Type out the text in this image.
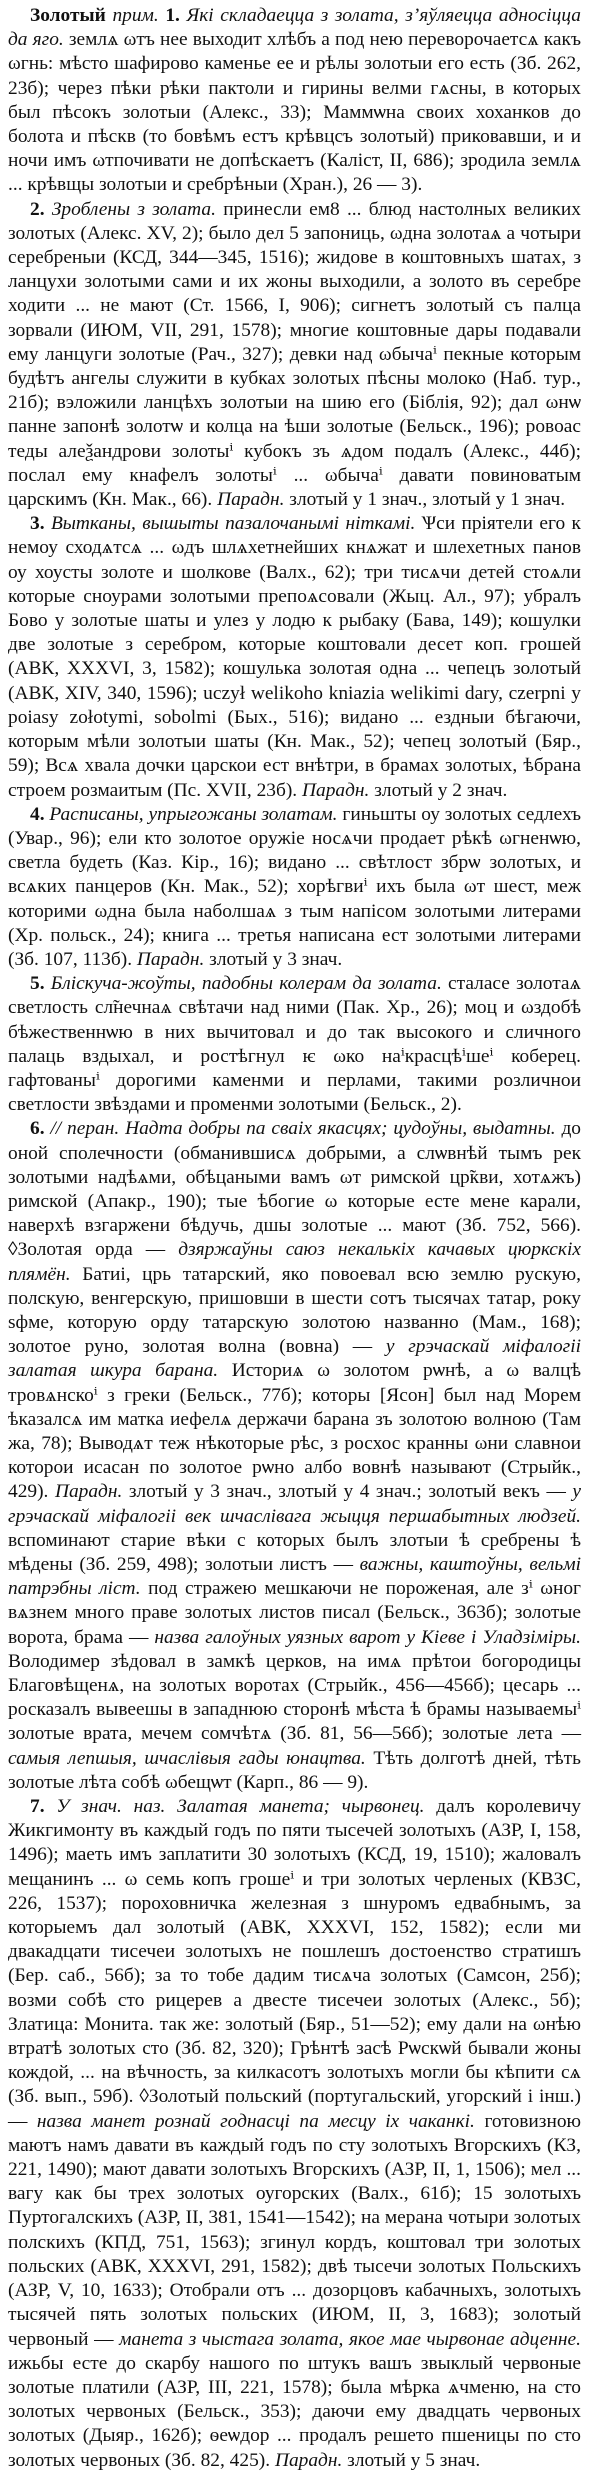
Золотый прим. 1. Які складаецца з золата, з’яўляецца адносіцца да яго. землѧ ωтъ нее выходит хлѣбъ а под нею переворочаетсѧ какъ ωгнь: мѣсто шафирово каменье ее и рѣлы золотыи его есть (Зб. 262, 23б); через пѣки рѣки пактоли и гирины велми гѧсны, в которых был пѣсокъ золотыи (Алекс., 33); Маммѡна своих хоханков до болота и пѣскв (то бовѣмъ естъ крѣвцсъ золотый) приковавши, и и ночи имъ ωтпочивати не допѣскаетъ (Каліст, II, 686); зродила землѧ ... крѣвщы золотыи и сребрѣныи (Хран.), 26 — 3).

2. Зроблены з золата. принесли ем8 ... блюд настолных великих золотых (Алекс. XV, 2); было дел 5 запониць, ωдна золотаѧ а чотыри серебреныи (КСД, 344—345, 1516); жидове в коштовныхъ шатах, з ланцухи золотыми сами и их жоны выходили, а золото въ серебре ходити ... не мают (Ст. 1566, I, 906); сигнетъ золотый съ палца зорвали (ИЮМ, VII, 291, 1578); многие коштовные дары подавали ему ланцуги золотые (Рач., 327); девки над ωбычаⁱ пекные которым будѣтъ ангелы служити в кубках золотых пѣсны молоко (Наб. тур., 21б); вэложили ланцѣхъ золотыи на шию его (Біблія, 92); дал ωнѡ панне запонѣ золотѡ и колца на ѣши золотые (Бельск., 196); ровоаc теды алеѯандрови золотыⁱ кубокъ зъ ѧдом подалъ (Алекс., 44б); послал ему кнафелъ золотыⁱ ... ωбычаⁱ давати повиноватым царскимъ (Кн. Мак., 66). Парадн. злотый у 1 знач., злотый у 1 знач.

3. Вытканы, вышыты пазалочанымі ніткамі. Ѱси прiятели его к немоу сходѧтсѧ ... ωдъ шлѧхетнейших кнѧжат и шлехетных панов оу хоусты золоте и шолкове (Валх., 62); три тисѧчи детей стоѧли которые сноурами золотыми препоѧсовали (Жыц. Ал., 97); убралъ Бово у золотые шаты и улез у лодю к рыбаку (Бава, 149); кошулки две золотые з серебром, которые коштовали десет коп. грошей (АВК, XXXVI, 3, 1582); кошулька золотая одна ... чепецъ золотый (АВК, XIV, 340, 1596); uczył welikoho kniazia welikimi dary, czerpni y poiasy zołotymi, sobolmi (Бых., 516); видано ... ездныи бѣгаючи, которым мѣли золотыи шаты (Кн. Мак., 52); чепец золотый (Бяр., 59); Всѧ хвала дочки царскои ест внѣтри, в брамах золотых, ѣбрана строем розмаитым (Пс. XVII, 23б). Парадн. злотый у 2 знач.

4. Расписаны, упрыгожаны золатам. гиньшты оу золотых седлехъ (Увар., 96); ели кто золотое оружіе носѧчи продает рѣкѣ ωгненѡю, светла будеть (Каз. Кір., 16); видано ... свѣтлост збрѡ золотых, и всѧких панцеров (Кн. Мак., 52); хорѣгвиⁱ ихъ была ωт шест, меж которими ωдна была наболшаѧ з тым напісом золотыми литерами (Хр. польск., 24); книга ... третья написана ест золотыми литерами (Зб. 107, 113б). Парадн. злотый у 3 знач.

5. Бліскуча-жоўты, падобны колерам да золата. сталасе золотаѧ светлость сл̃нечнаѧ свѣтачи над ними (Пак. Хр., 26); моц и ωздобѣ бѣжественнѡю в них вычитовал и до так высокого и сличного палаць вздыхал, и ростѣгнул ѥ ωко наⁱкрасцѣⁱшеⁱ коберец. гафтованыⁱ дорогими каменми и перлами, такими розличнои светлости звѣздами и променми золотыми (Бельск., 2).

6. // перан. Надта добры па сваіх якасцях; цудоўны, выдатны. до оной сполечности (обманившисѧ добрыми, а слѡвнѣй тымъ рек золотыми надѣѧми, обѣцаными вамъ ωт римской цр̃кви, хотѧжъ) римской (Апакр., 190); тые ѣбогие ω которые есте мене карали, наверхѣ взгаржени бѣдучь, дшы золотые ... мают (Зб. 752, 566). ◊Золотая орда — дзяржаўны саюз некалькіх качавых цюркскіх плямён. Батиі, црь татарский, яко повоевал всю землю рускую, полскую, венгерскую, пришовши в шести сотъ тысячах татар, року sфме, которую орду татарскую золотою названно (Мам., 168); золотое руно, золотая волна (вовна) — у грэчаскай міфалогіі залатая шкура барана. Историѧ ω золотом рѡнѣ, а ω валцѣ тровѧнскоⁱ з греки (Бельск., 77б); которы [Ясон] был над Морем ѣказалсѧ им матка иефелѧ держачи барана зъ золотою волною (Там жа, 78); Выводѧт теж нѣкоторые рѣс, з росхос кранны ωни славнои которои исасан по золотое рѡно албо вовнѣ называют (Стрыйк., 429). Парадн. злотый у 3 знач., злотый у 4 знач.; золотый векъ — у грэчаскай міфалогіі век шчаслівага жыцця першабытных людзей. вспоминают старие вѣки с которых былъ злотыи ѣ сребрены ѣ мѣдены (Зб. 259, 498); золотыи листъ — важны, каштоўны, вельмі патрэбны ліст. под стражею мешкаючи не пороженая, але зⁱ ωног вѧзнем много праве золотых листов писал (Бельск., 363б); золотые ворота, брама — назва галоўных уязных варот у Кіеве і Уладзіміры. Володимер зѣдовал в замкѣ церков, на имѧ прѣтои богородицы Благовѣщенѧ, на золотых воротах (Стрыйк., 456—456б); цесарь ... росказалъ вывеешы в западнюю сторонѣ мѣста ѣ брамы называемыⁱ золотые врата, мечем сомчѣтѧ (Зб. 81, 56—56б); золотые лета — самыя лепшыя, шчаслівыя гады юнацтва. Тѣть долготѣ дней, тѣть золотые лѣта собѣ ωбещѡт (Карп., 86 — 9).

7. У знач. наз. Залатая манета; чырвонец. далъ королевичу Жикгимонту въ каждый годъ по пяти тысечей золотыхъ (АЗР, I, 158, 1496); маеть имъ заплатити 30 золотыхъ (КСД, 19, 1510); жаловалъ мещанинъ ... ω семь копъ грошеⁱ и три золотых черленых (КВЗС, 226, 1537); пороховничка железная з шнуромъ едвабнымъ, за которыемъ дал золотый (АВК, XXXVI, 152, 1582); если ми двакадцати тисечеи золотыхъ не пошлешъ достоенство стратишъ (Бер. саб., 56б); за то тобе дадим тисѧча золотых (Самсон, 25б); возми собѣ сто рицерев а двесте тисечеи золотых (Алекс., 5б); Златица: Монита. так же: золотый (Бяр., 51—52); ему дали на ωнѣю втратѣ золотых сто (Зб. 82, 320); Грѣнтѣ засѣ Рѡскѡй бывали жоны кождой, ... на вѣчность, за килкасотъ золотыхъ могли бы кѣпити сѧ (Зб. вып., 59б). ◊Золотый польский (португальский, угорский і інш.) — назва манет рознай годнасці па месцу іх чаканкі. готовизною маютъ намъ давати въ каждый годъ по сту золотыхъ Вгорскихъ (КЗ, 221, 1490); мают давати золотыхъ Вгорскихъ (АЗР, II, 1, 1506); мел ... вагу как бы трех золотых оугорских (Валх., 61б); 15 золотыхъ Пуртогалскихъ (АЗР, II, 381, 1541—1542); на мерана чотыри золотых полскихъ (КПД, 751, 1563); згинул кордъ, коштовал три золотых польских (АВК, XXXVI, 291, 1582); двѣ тысечи золотых Польскихъ (АЗР, V, 10, 1633); Отобрали отъ ... дозорцовъ кабачныхъ, золотыхъ тысячей пять золотых польских (ИЮМ, II, 3, 1683); золотый червоный — манета з чыстага золата, якое мае чырвонае адценне. ижьбы есте до скарбу нашого по штукъ вашъ звыклый червоные золотые платили (АЗР, III, 221, 1578); была мѣрка ѧчменю, на сто золотых червоных (Бельск., 353); даючи ему двадцать червоных золотых (Дыяр., 162б); ѳеѡдор ... продалъ решето пшеницы по сто золотых червоных (Зб. 82, 425). Парадн. злотый у 5 знач.
